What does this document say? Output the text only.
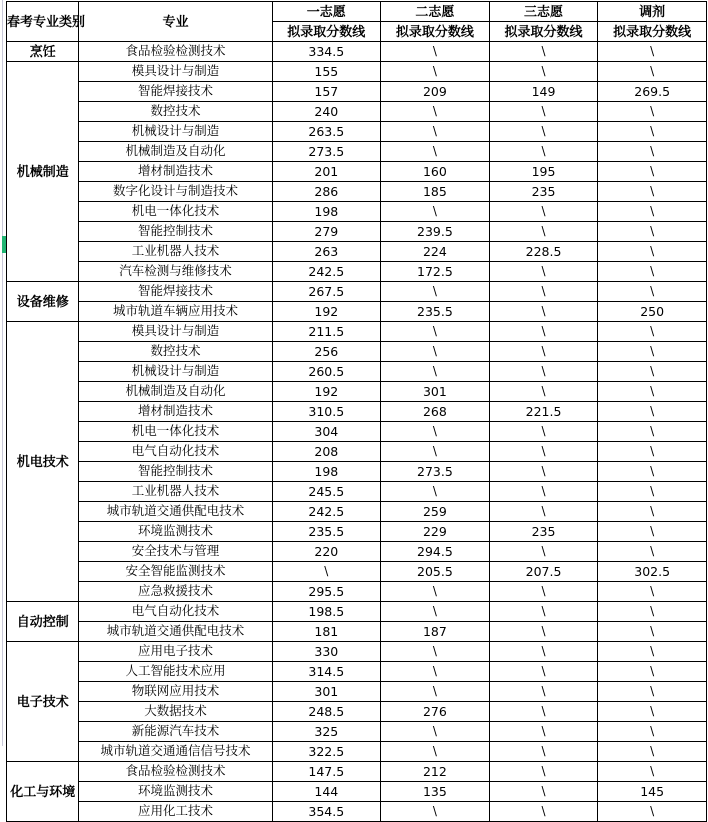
春考专业类别	专业	一志愿	二志愿	三志愿	调剂
		拟录取分数线	拟录取分数线	拟录取分数线	拟录取分数线
烹饪	食品检验检测技术	334.5	\	\	\
机械制造	模具设计与制造	155	\	\	\
	智能焊接技术	157	209	149	269.5
	数控技术	240	\	\	\
	机械设计与制造	263.5	\	\	\
	机械制造及自动化	273.5	\	\	\
	增材制造技术	201	160	195	\
	数字化设计与制造技术	286	185	235	\
	机电一体化技术	198	\	\	\
	智能控制技术	279	239.5	\	\
	工业机器人技术	263	224	228.5	\
	汽车检测与维修技术	242.5	172.5	\	\
设备维修	智能焊接技术	267.5	\	\	\
	城市轨道车辆应用技术	192	235.5	\	250
机电技术	模具设计与制造	211.5	\	\	\
	数控技术	256	\	\	\
	机械设计与制造	260.5	\	\	\
	机械制造及自动化	192	301	\	\
	增材制造技术	310.5	268	221.5	\
	机电一体化技术	304	\	\	\
	电气自动化技术	208	\	\	\
	智能控制技术	198	273.5	\	\
	工业机器人技术	245.5	\	\	\
	城市轨道交通供配电技术	242.5	259	\	\
	环境监测技术	235.5	229	235	\
	安全技术与管理	220	294.5	\	\
	安全智能监测技术	\	205.5	207.5	302.5
	应急救援技术	295.5	\	\	\
自动控制	电气自动化技术	198.5	\	\	\
	城市轨道交通供配电技术	181	187	\	\
电子技术	应用电子技术	330	\	\	\
	人工智能技术应用	314.5	\	\	\
	物联网应用技术	301	\	\	\
	大数据技术	248.5	276	\	\
	新能源汽车技术	325	\	\	\
	城市轨道交通通信信号技术	322.5	\	\	\
化工与环境	食品检验检测技术	147.5	212	\	\
	环境监测技术	144	135	\	145
	应用化工技术	354.5	\	\	\
